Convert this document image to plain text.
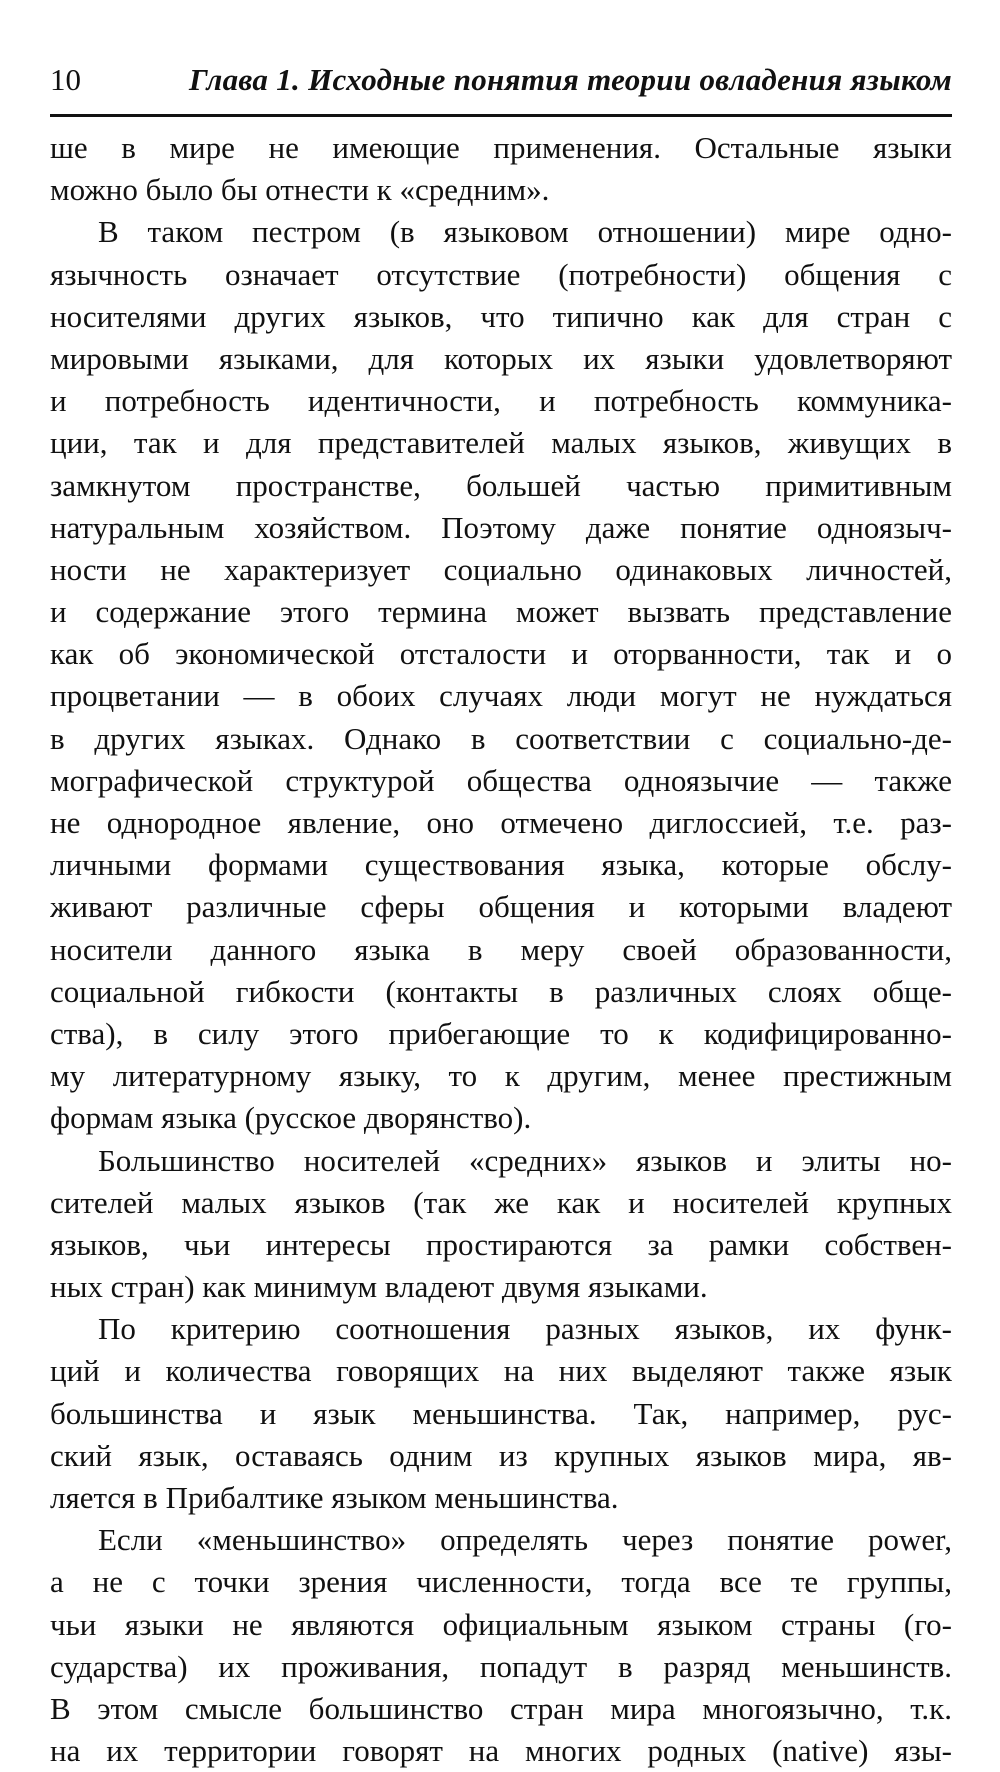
10	Глава 1. Исходные понятия теории овладения языком
ше в мире не имеющие применения. Остальные языки
можно было бы отнести к «средним».
В таком пестром (в языковом отношении) мире одно-
язычность означает отсутствие (потребности) общения с
носителями других языков, что типично как для стран с
мировыми языками, для которых их языки удовлетворяют
и потребность идентичности, и потребность коммуника-
ции, так и для представителей малых языков, живущих в
замкнутом пространстве, большей частью примитивным
натуральным хозяйством. Поэтому даже понятие одноязыч-
ности не характеризует социально одинаковых личностей,
и содержание этого термина может вызвать представление
как об экономической отсталости и оторванности, так и о
процветании — в обоих случаях люди могут не нуждаться
в других языках. Однако в соответствии с социально-де-
мографической структурой общества одноязычие — также
не однородное явление, оно отмечено диглоссией, т.е. раз-
личными формами существования языка, которые обслу-
живают различные сферы общения и которыми владеют
носители данного языка в меру своей образованности,
социальной гибкости (контакты в различных слоях обще-
ства), в силу этого прибегающие то к кодифицированно-
му литературному языку, то к другим, менее престижным
формам языка (русское дворянство).
Большинство носителей «средних» языков и элиты но-
сителей малых языков (так же как и носителей крупных
языков, чьи интересы простираются за рамки собствен-
ных стран) как минимум владеют двумя языками.
По критерию соотношения разных языков, их функ-
ций и количества говорящих на них выделяют также язык
большинства и язык меньшинства. Так, например, рус-
ский язык, оставаясь одним из крупных языков мира, яв-
ляется в Прибалтике языком меньшинства.
Если «меньшинство» определять через понятие power,
а не с точки зрения численности, тогда все те группы,
чьи языки не являются официальным языком страны (го-
сударства) их проживания, попадут в разряд меньшинств.
В этом смысле большинство стран мира многоязычно, т.к.
на их территории говорят на многих родных (native) язы-
